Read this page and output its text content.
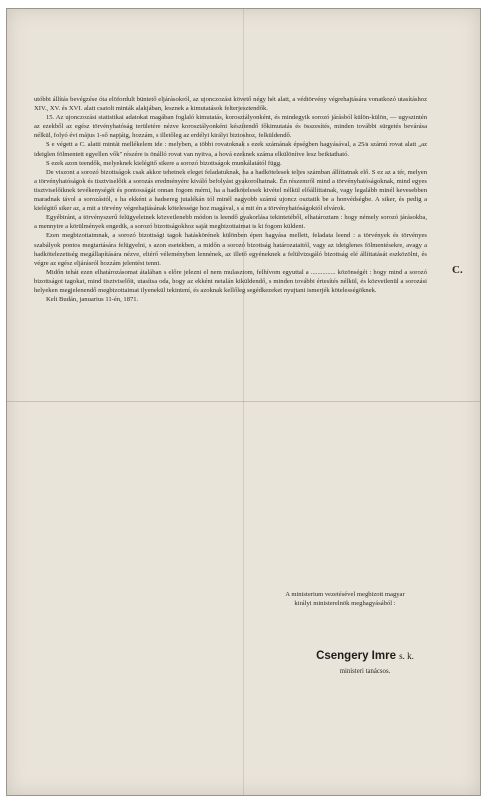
utóbbi állítás bevégzése óta elöfordult büntető eljárásokról, az ujonczozást követő négy hét alatt, a védtörvény végrehajtására vonatkozó utasításhoz XIV., XV. és XVI. alatt csatolt minták alakjában, lesznek a kimutatások felterjesztendők.

15. Az ujonczozási statistikai adatokat magában foglaló kimutatás, korosztályonként, és mindegyik sorozó járásból külön-külön, — ugyszintén az ezekből az egész törvényhatóság területére nézve korosztályonként készítendő főkimutatás és összesítés, minden további sürgetés bevárása nélkül, folyó évi május 1-ső napjáig, hozzám, s illetőleg az erdélyi királyi biztoshoz, felküldendő.

S e végett a C. alatti mintát mellékelem ide : melyben, a többi rovatoknak s ezek számának épségben hagyásával, a 25⁄a számú rovat alatt „az ideiglen fölmentett egyellen vők" részére is önálló rovat van nyitva, a hová ezeknek száma elkülönítve lesz beiktatható.

S ezek azon teendők, melyeknek kielégitő sikere a sorozó bizottságok munkálatától függ.

De viszont a sorozó bizottságok csak akkor tehetnek eleget feladatuknak, ha a hadkötelesek teljes számban állíttatnak elő. S ez az a tér, melyen a törvényhatóságok és tisztviselőik a sorozás eredményére kiváló befolyást gyakorolhatnak. Én részemről mind a törvényhatóságoknak, mind egyes tisztviselőiknek tevékenységét és pontosságát onnan fogom mérni, ha a hadkötelesek kivétel nélkül előállíttatnak, vagy legalább minél kevesebben maradnak távol a sorozástól, s ha ekként a hadsereg jutalékán tól minél nagyobb számú ujoncz osztatik be a honvédségbe. A siker, és pedig a kielégitő siker az, a mit a törvény végrehajtásának kötelessége hoz magával, s a mit én a törvényhatóságoktól elvárok.

Egyébiránt, a törvényszerű felügyeletnek közvetlenebb módon is leendő gyakorlása tekintetéből, elhatároztam : hogy némely sorozó járásokba, a mennyire a körülmények engedik, a sorozó bizottságokhoz saját megbizottaimat is ki fogom küldeni.

Ezen megbizottaimnak, a sorozó bizottsági tagok hatáskörének különben épen hagyása mellett, feladata leend : a törvények és törvényes szabályok pontos megtartására felügyelni, s azon esetekben, a midőn a sorozó bizottság határozataitól, vagy az ideiglenes fölmentésekre, avagy a hadkötelezettség megállapítására nézve, eltérő véleményben lennének, az illető egyéneknek a felülvizsgáló bizottság elé állíttatását eszközölni, és végre az egész eljárásról hozzám jelentést tenni.

Midőn tehát ezen elhatározásomat átalában s előre jelezni el nem mulasztom, felhívom egyuttal a ............... közönségét : hogy mind a sorozó bizottságot tagokat, mind tisztviselőit, utasítsa oda, hogy az ekként netalán kiküldendő, s minden további értesítés nélkül, és közvetlenül a sorozási helyeken megjelenendő megbizottaimat ilyenekül tekintení, és azoknak kellőleg segédkezeket nyujtani ismerjék kötelességöknek.

Kelt Budán, januarius 11-én, 1871.

C.
A ministerium vezetésével megbizott magyar
királyi ministerelnök meghagyásából :
Csengery Imre s. k.
ministeri tanácsos.
